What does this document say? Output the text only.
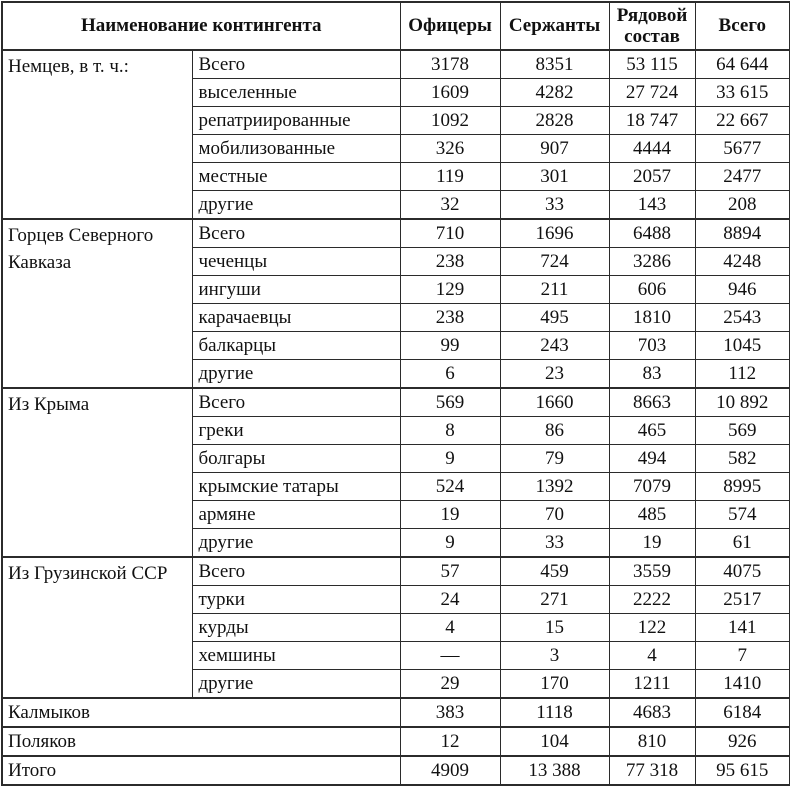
Наименование контингента		Офицеры	Сержанты	Рядовой состав	Всего
Немцев, в т. ч.:	Всего	3178	8351	53 115	64 644
	выселенные	1609	4282	27 724	33 615
	репатриированные	1092	2828	18 747	22 667
	мобилизованные	326	907	4444	5677
	местные	119	301	2057	2477
	другие	32	33	143	208
Горцев Северного Кавказа	Всего	710	1696	6488	8894
	чеченцы	238	724	3286	4248
	ингуши	129	211	606	946
	карачаевцы	238	495	1810	2543
	балкарцы	99	243	703	1045
	другие	6	23	83	112
Из Крыма	Всего	569	1660	8663	10 892
	греки	8	86	465	569
	болгары	9	79	494	582
	крымские татары	524	1392	7079	8995
	армяне	19	70	485	574
	другие	9	33	19	61
Из Грузинской ССР	Всего	57	459	3559	4075
	турки	24	271	2222	2517
	курды	4	15	122	141
	хемшины	—	3	4	7
	другие	29	170	1211	1410
Калмыков		383	1118	4683	6184
Поляков		12	104	810	926
Итого		4909	13 388	77 318	95 615
